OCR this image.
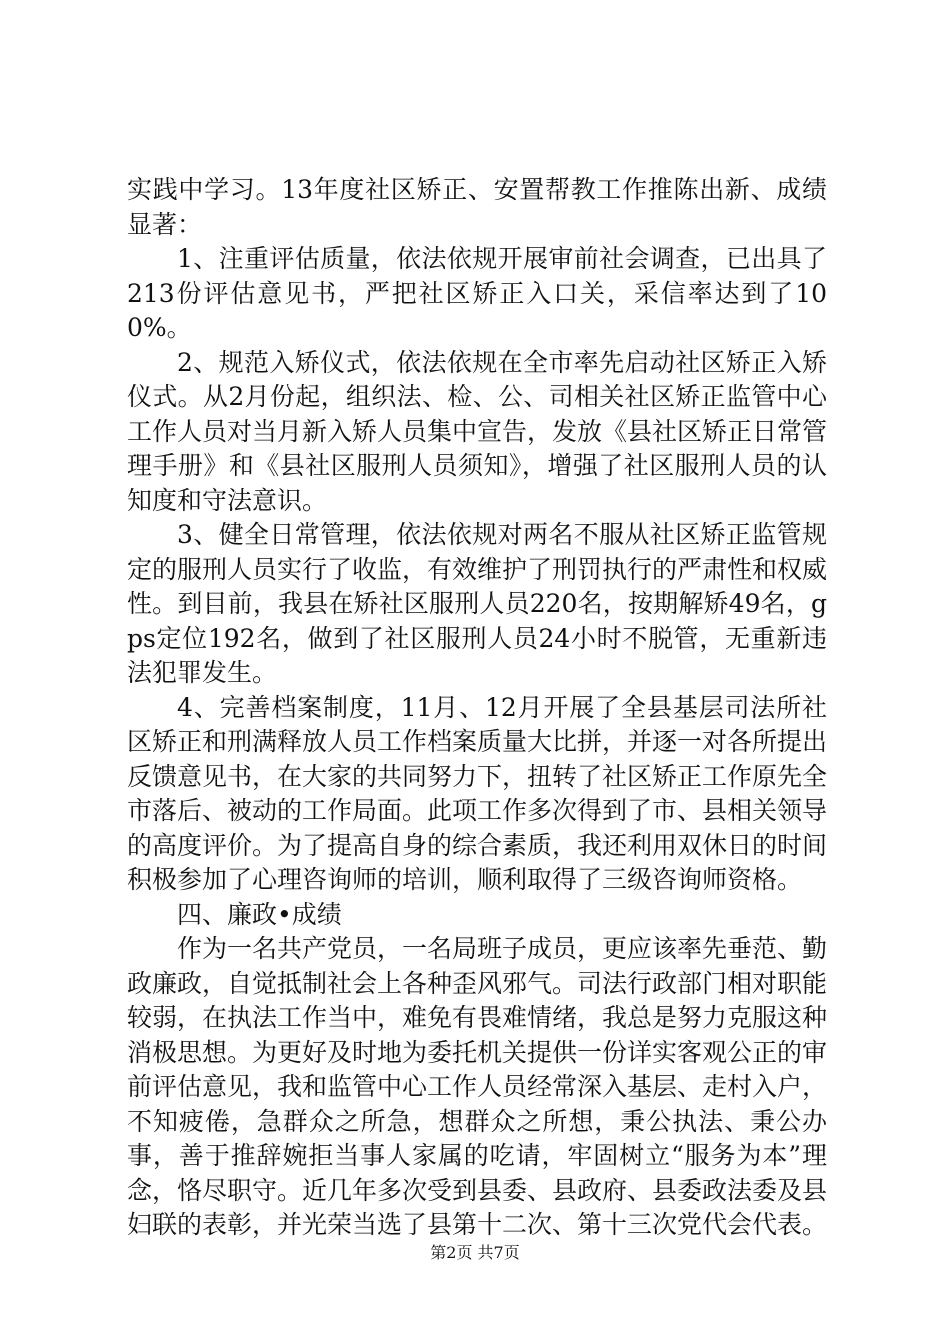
实践中学习。13年度社区矫正、安置帮教工作推陈出新、成绩显著：

1、注重评估质量，依法依规开展审前社会调查，已出具了213份评估意见书，严把社区矫正入口关，采信率达到了100%。

2、规范入矫仪式，依法依规在全市率先启动社区矫正入矫仪式。从2月份起，组织法、检、公、司相关社区矫正监管中心工作人员对当月新入矫人员集中宣告，发放《县社区矫正日常管理手册》和《县社区服刑人员须知》，增强了社区服刑人员的认知度和守法意识。

3、健全日常管理，依法依规对两名不服从社区矫正监管规定的服刑人员实行了收监，有效维护了刑罚执行的严肃性和权威性。到目前，我县在矫社区服刑人员220名，按期解矫49名，gps定位192名，做到了社区服刑人员24小时不脱管，无重新违法犯罪发生。

4、完善档案制度，11月、12月开展了全县基层司法所社区矫正和刑满释放人员工作档案质量大比拼，并逐一对各所提出反馈意见书，在大家的共同努力下，扭转了社区矫正工作原先全市落后、被动的工作局面。此项工作多次得到了市、县相关领导的高度评价。为了提高自身的综合素质，我还利用双休日的时间积极参加了心理咨询师的培训，顺利取得了三级咨询师资格。

四、廉政•成绩

作为一名共产党员，一名局班子成员，更应该率先垂范、勤政廉政，自觉抵制社会上各种歪风邪气。司法行政部门相对职能较弱，在执法工作当中，难免有畏难情绪，我总是努力克服这种消极思想。为更好及时地为委托机关提供一份详实客观公正的审前评估意见，我和监管中心工作人员经常深入基层、走村入户，不知疲倦，急群众之所急，想群众之所想，秉公执法、秉公办事，善于推辞婉拒当事人家属的吃请，牢固树立“服务为本”理念，恪尽职守。近几年多次受到县委、县政府、县委政法委及县妇联的表彰，并光荣当选了县第十二次、第十三次党代会代表。

第2页 共7页
